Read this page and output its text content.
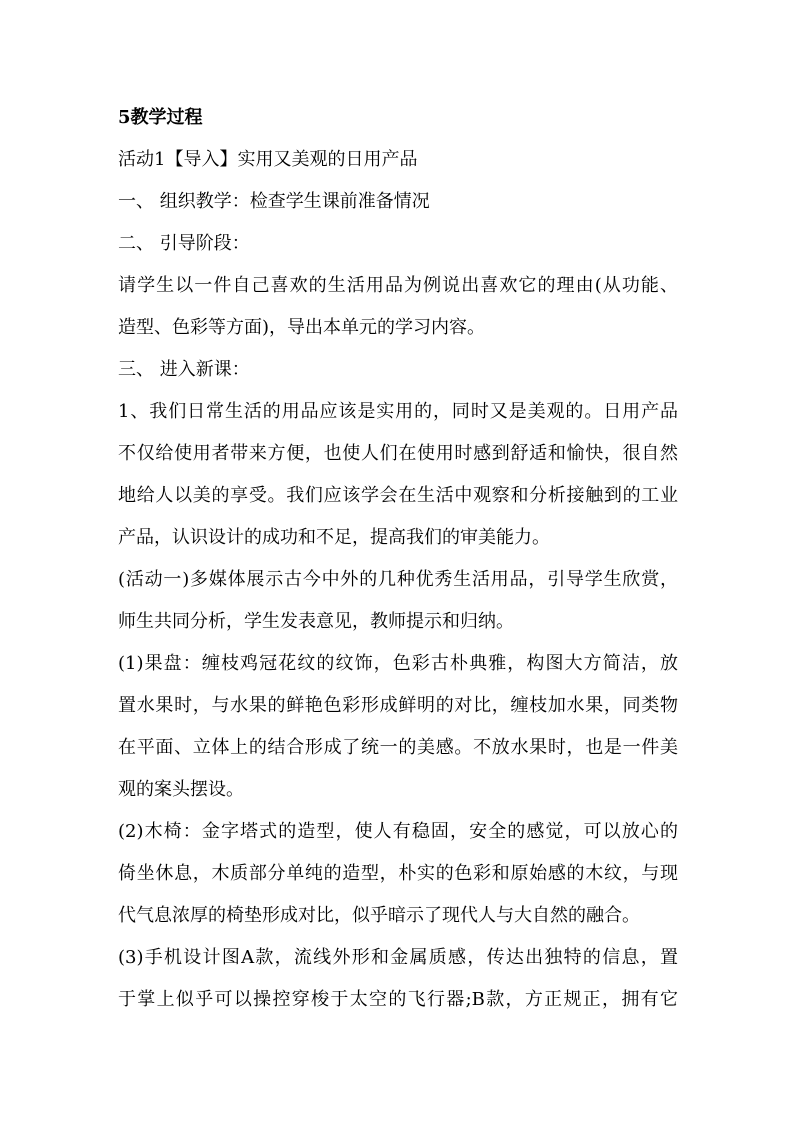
5教学过程
活动1【导入】实用又美观的日用产品
一、 组织教学：检查学生课前准备情况
二、 引导阶段：
请学生以一件自己喜欢的生活用品为例说出喜欢它的理由(从功能、
造型、色彩等方面)，导出本单元的学习内容。
三、 进入新课：
1、我们日常生活的用品应该是实用的，同时又是美观的。日用产品
不仅给使用者带来方便，也使人们在使用时感到舒适和愉快，很自然
地给人以美的享受。我们应该学会在生活中观察和分析接触到的工业
产品，认识设计的成功和不足，提高我们的审美能力。
(活动一)多媒体展示古今中外的几种优秀生活用品，引导学生欣赏，
师生共同分析，学生发表意见，教师提示和归纳。
(1)果盘：缠枝鸡冠花纹的纹饰，色彩古朴典雅，构图大方简洁，放
置水果时，与水果的鲜艳色彩形成鲜明的对比，缠枝加水果，同类物
在平面、立体上的结合形成了统一的美感。不放水果时，也是一件美
观的案头摆设。
(2)木椅：金字塔式的造型，使人有稳固，安全的感觉，可以放心的
倚坐休息，木质部分单纯的造型，朴实的色彩和原始感的木纹，与现
代气息浓厚的椅垫形成对比，似乎暗示了现代人与大自然的融合。
(3)手机设计图A款，流线外形和金属质感，传达出独特的信息，置
于掌上似乎可以操控穿梭于太空的飞行器;B款，方正规正，拥有它
